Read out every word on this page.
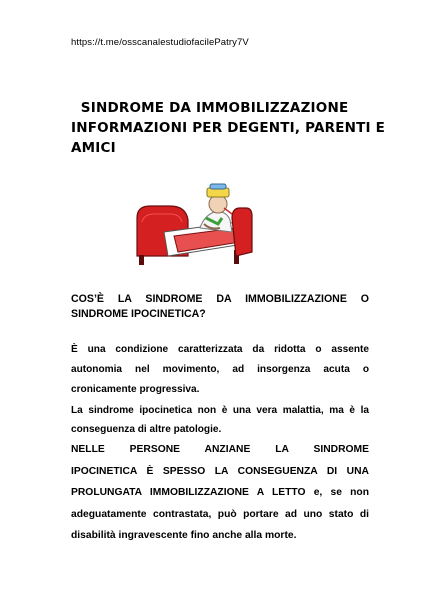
https://t.me/osscanalestudiofacilePatry7V
SINDROME DA IMMOBILIZZAZIONE
INFORMAZIONI PER DEGENTI, PARENTI E
AMICI
COS’È LA SINDROME DA IMMOBILIZZAZIONE O
SINDROME IPOCINETICA?
È una condizione caratterizzata da ridotta o assente
autonomia nel movimento, ad insorgenza acuta o
cronicamente progressiva.
La sindrome ipocinetica non è una vera malattia, ma è la
conseguenza di altre patologie.
NELLE PERSONE ANZIANE LA SINDROME
IPOCINETICA È SPESSO LA CONSEGUENZA DI UNA
PROLUNGATA IMMOBILIZZAZIONE A LETTO e, se non
adeguatamente contrastata, può portare ad uno stato di
disabilità ingravescente fino anche alla morte.
